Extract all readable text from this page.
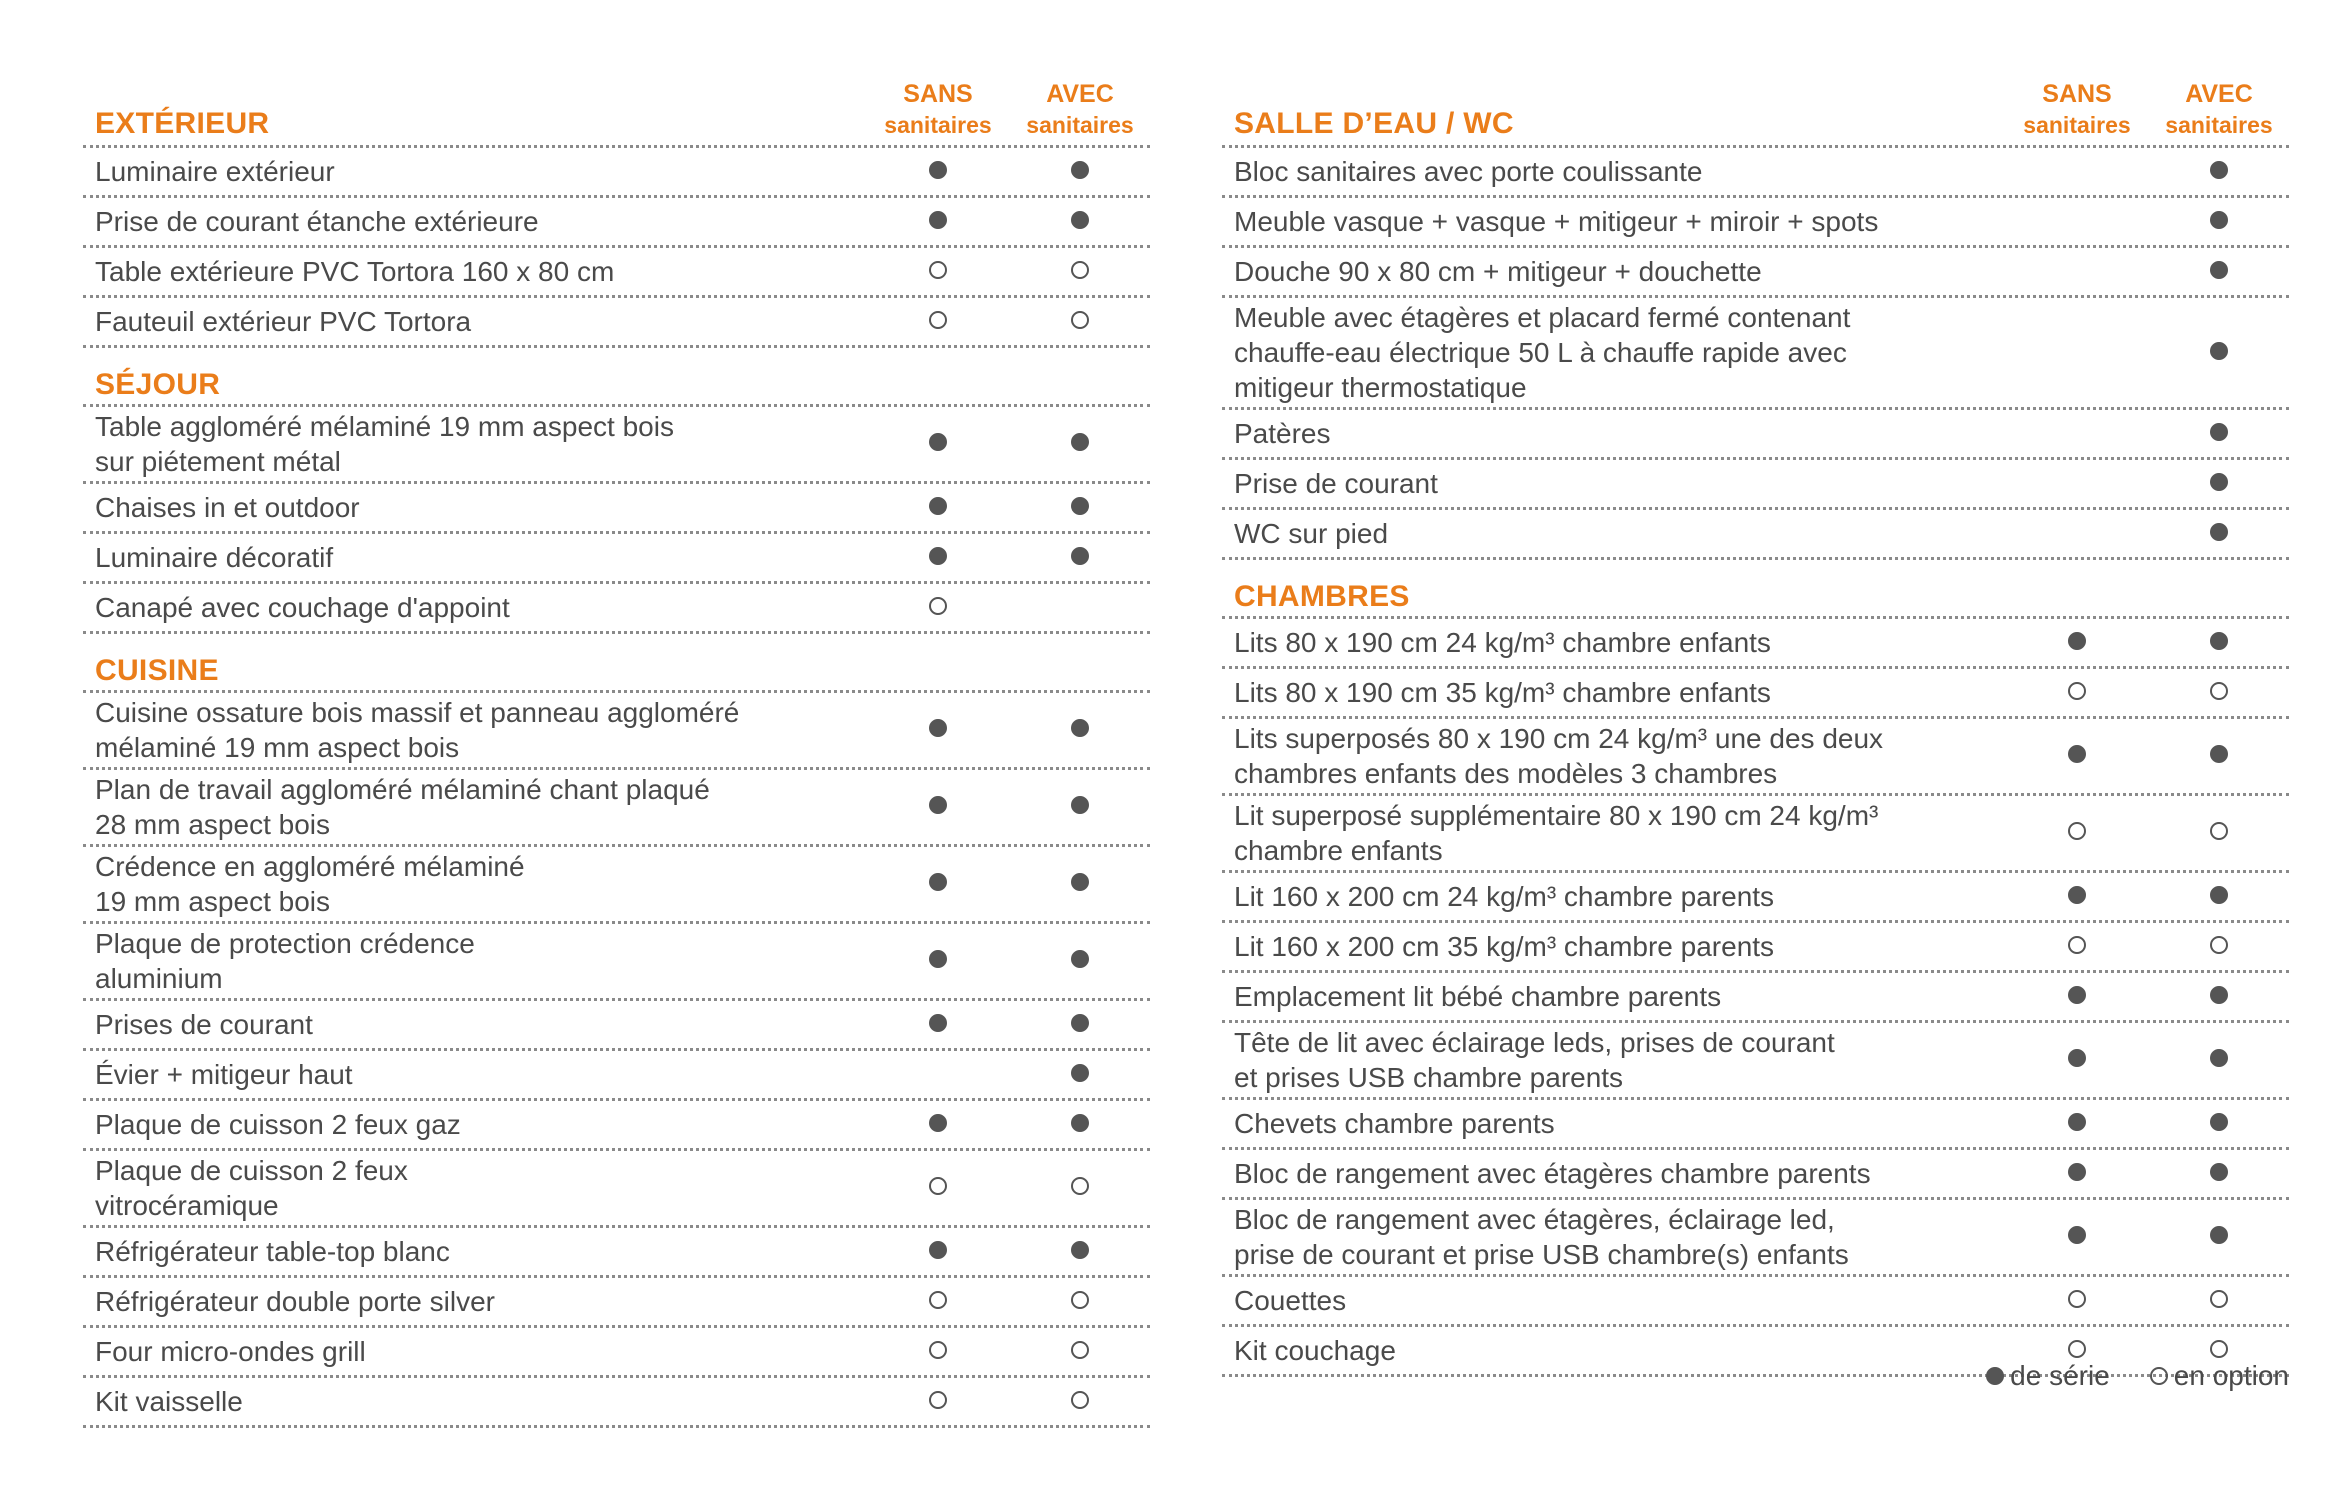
EXTÉRIEUR
SANS
sanitaires
AVEC
sanitaires
Luminaire extérieur
Prise de courant étanche extérieure
Table extérieure PVC Tortora 160 x 80 cm
Fauteuil extérieur PVC Tortora
SÉJOUR
Table aggloméré mélaminé 19 mm aspect bois
sur piétement métal
Chaises in et outdoor
Luminaire décoratif
Canapé avec couchage d'appoint
CUISINE
Cuisine ossature bois massif et panneau aggloméré
mélaminé 19 mm aspect bois
Plan de travail aggloméré mélaminé chant plaqué
28 mm aspect bois
Crédence en aggloméré mélaminé
19 mm aspect bois
Plaque de protection crédence
aluminium
Prises de courant
Évier + mitigeur haut
Plaque de cuisson 2 feux gaz
Plaque de cuisson 2 feux
vitrocéramique
Réfrigérateur table-top blanc
Réfrigérateur double porte silver
Four micro-ondes grill
Kit vaisselle
SALLE D’EAU / WC
SANS
sanitaires
AVEC
sanitaires
Bloc sanitaires avec porte coulissante
Meuble vasque + vasque + mitigeur + miroir + spots
Douche 90 x 80 cm + mitigeur + douchette
Meuble avec étagères et placard fermé contenant
chauffe-eau électrique 50 L à chauffe rapide avec
mitigeur thermostatique
Patères
Prise de courant
WC sur pied
CHAMBRES
Lits 80 x 190 cm 24 kg/m³ chambre enfants
Lits 80 x 190 cm 35 kg/m³ chambre enfants
Lits superposés 80 x 190 cm 24 kg/m³ une des deux
chambres enfants des modèles 3 chambres
Lit superposé supplémentaire 80 x 190 cm 24 kg/m³
chambre enfants
Lit 160 x 200 cm 24 kg/m³ chambre parents
Lit 160 x 200 cm 35 kg/m³ chambre parents
Emplacement lit bébé chambre parents
Tête de lit avec éclairage leds, prises de courant
et prises USB chambre parents
Chevets chambre parents
Bloc de rangement avec étagères chambre parents
Bloc de rangement avec étagères, éclairage led,
prise de courant et prise USB chambre(s) enfants
Couettes
Kit couchage
de série en option
